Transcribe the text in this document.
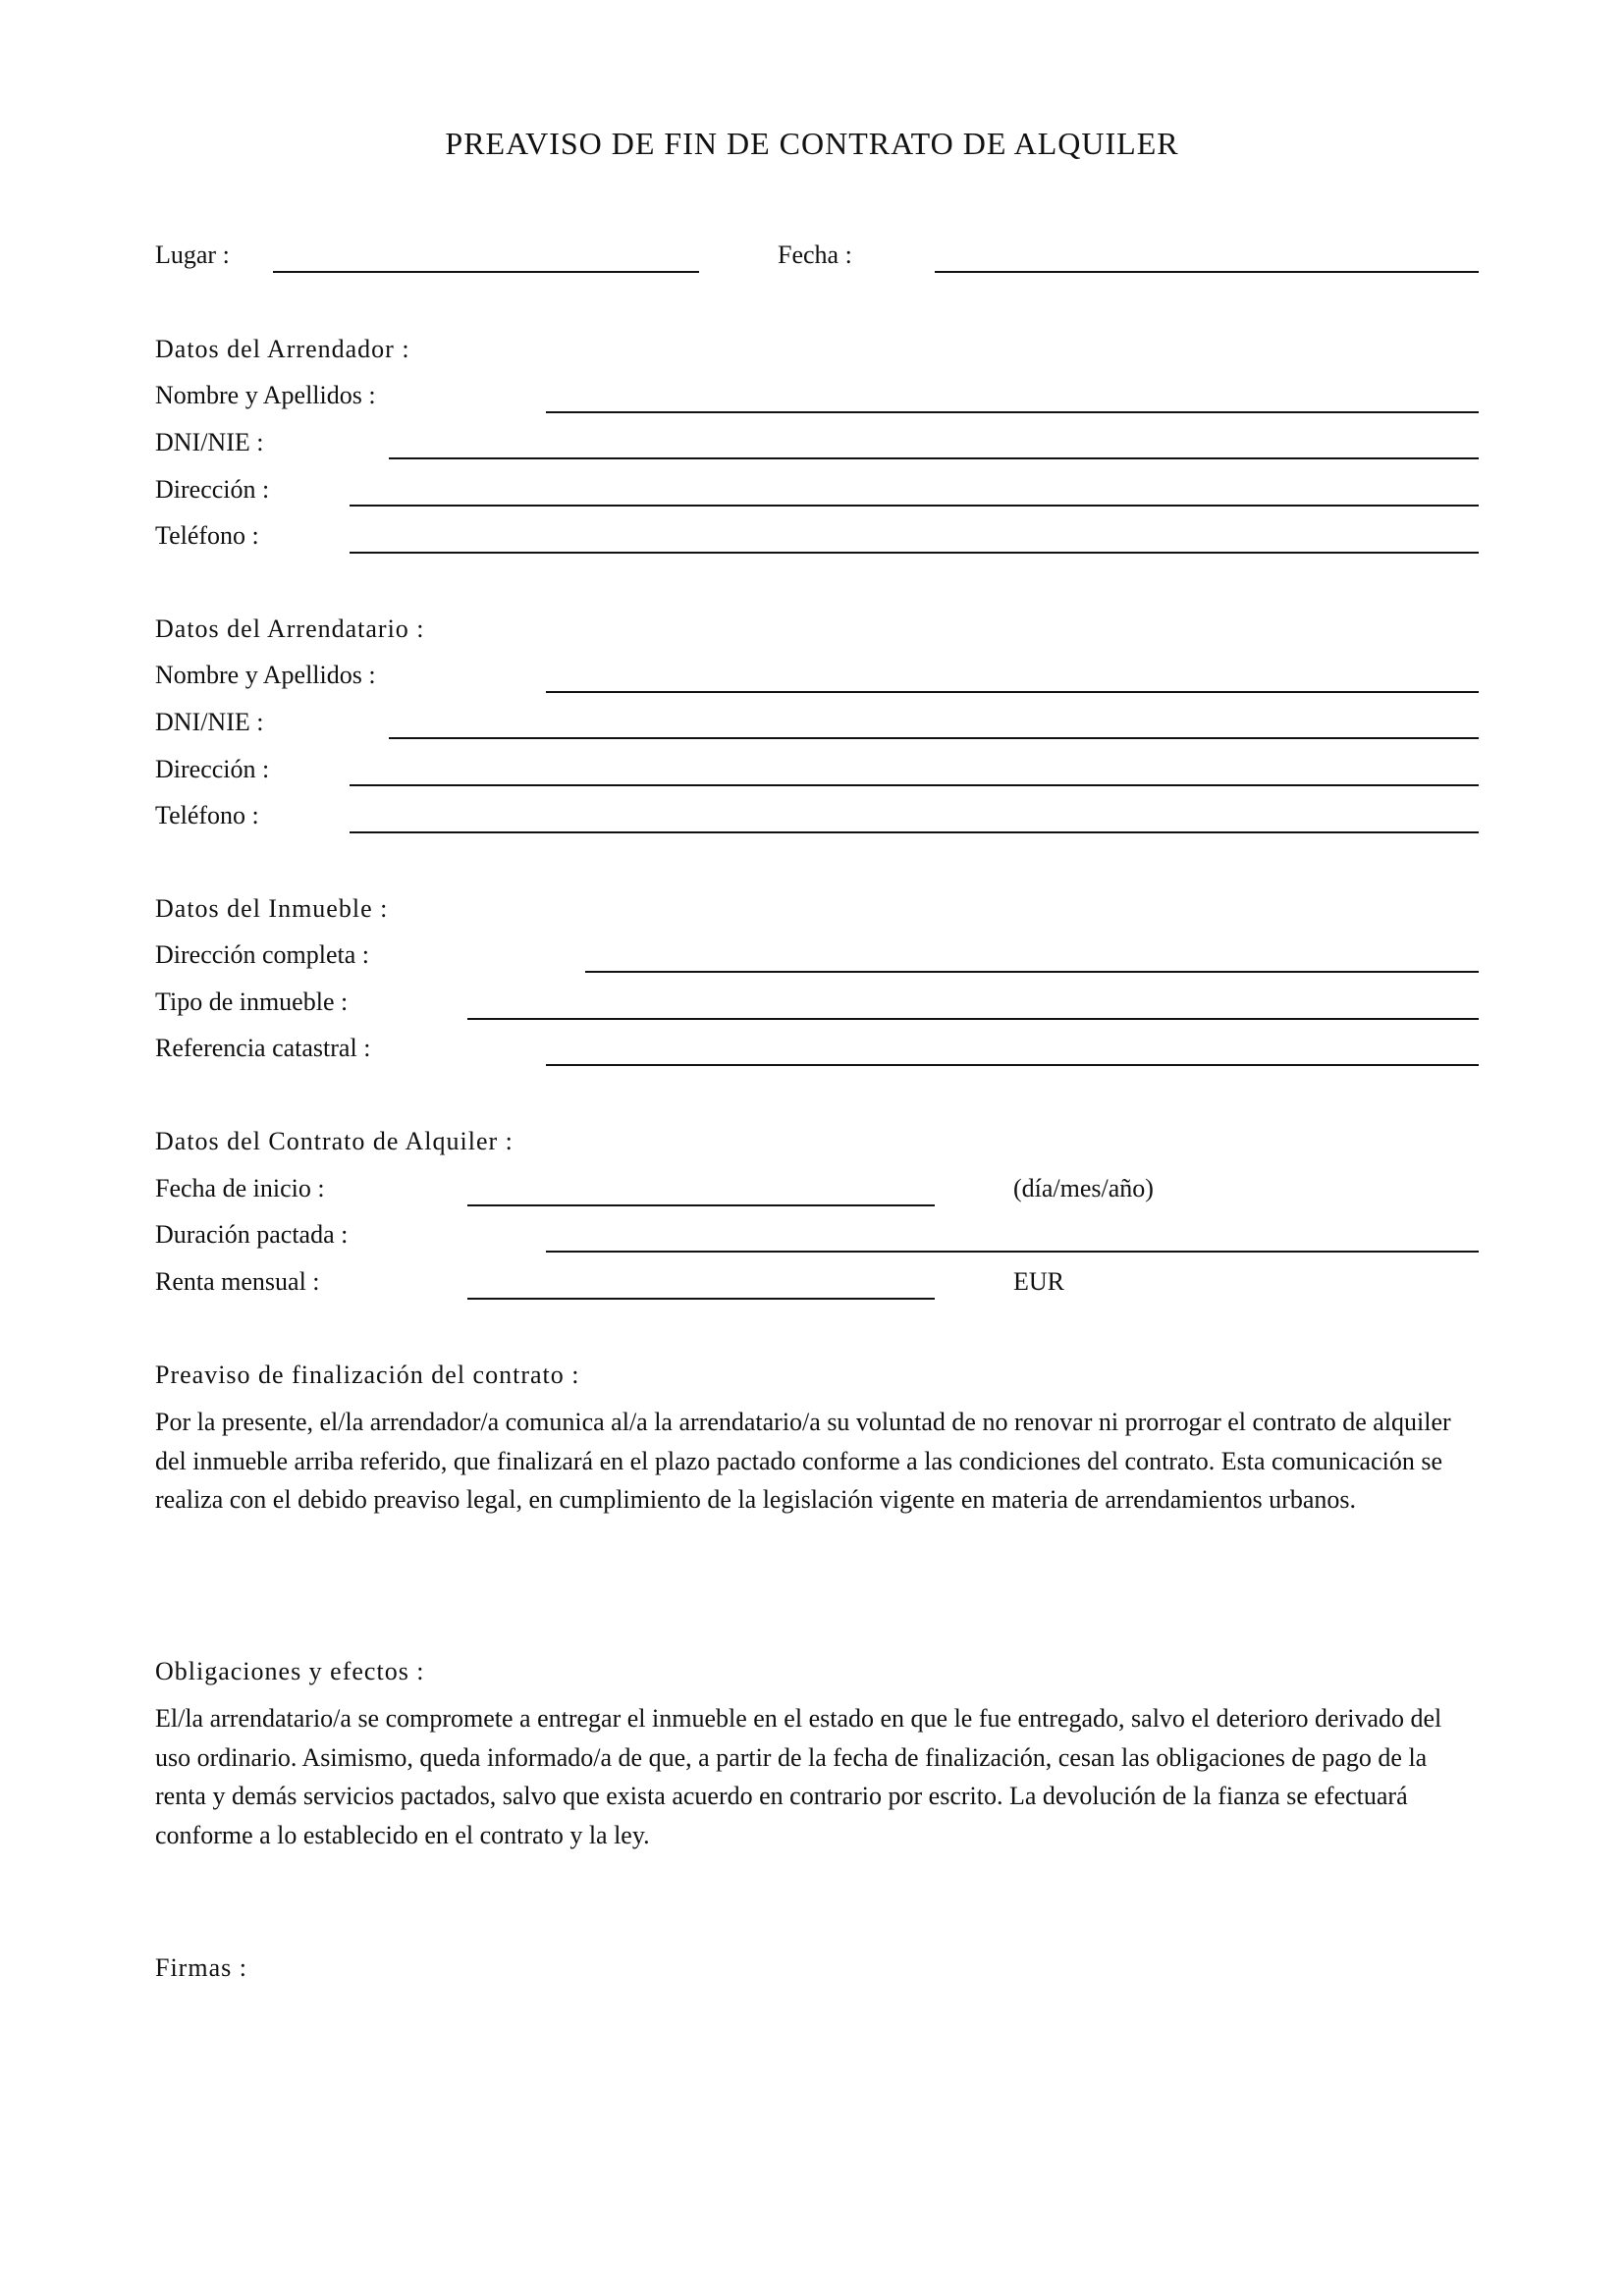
PREAVISO DE FIN DE CONTRATO DE ALQUILER
Lugar :	Fecha :
Datos del Arrendador :
Nombre y Apellidos :
DNI/NIE :
Dirección :
Teléfono :
Datos del Arrendatario :
Nombre y Apellidos :
DNI/NIE :
Dirección :
Teléfono :
Datos del Inmueble :
Dirección completa :
Tipo de inmueble :
Referencia catastral :
Datos del Contrato de Alquiler :
Fecha de inicio :	(día/mes/año)
Duración pactada :
Renta mensual :	EUR
Preaviso de finalización del contrato :
Por la presente, el/la arrendador/a comunica al/a la arrendatario/a su voluntad de no renovar ni prorrogar el contrato de alquiler del inmueble arriba referido, que finalizará en el plazo pactado conforme a las condiciones del contrato. Esta comunicación se realiza con el debido preaviso legal, en cumplimiento de la legislación vigente en materia de arrendamientos urbanos.
Obligaciones y efectos :
El/la arrendatario/a se compromete a entregar el inmueble en el estado en que le fue entregado, salvo el deterioro derivado del uso ordinario. Asimismo, queda informado/a de que, a partir de la fecha de finalización, cesan las obligaciones de pago de la renta y demás servicios pactados, salvo que exista acuerdo en contrario por escrito. La devolución de la fianza se efectuará conforme a lo establecido en el contrato y la ley.
Firmas :
